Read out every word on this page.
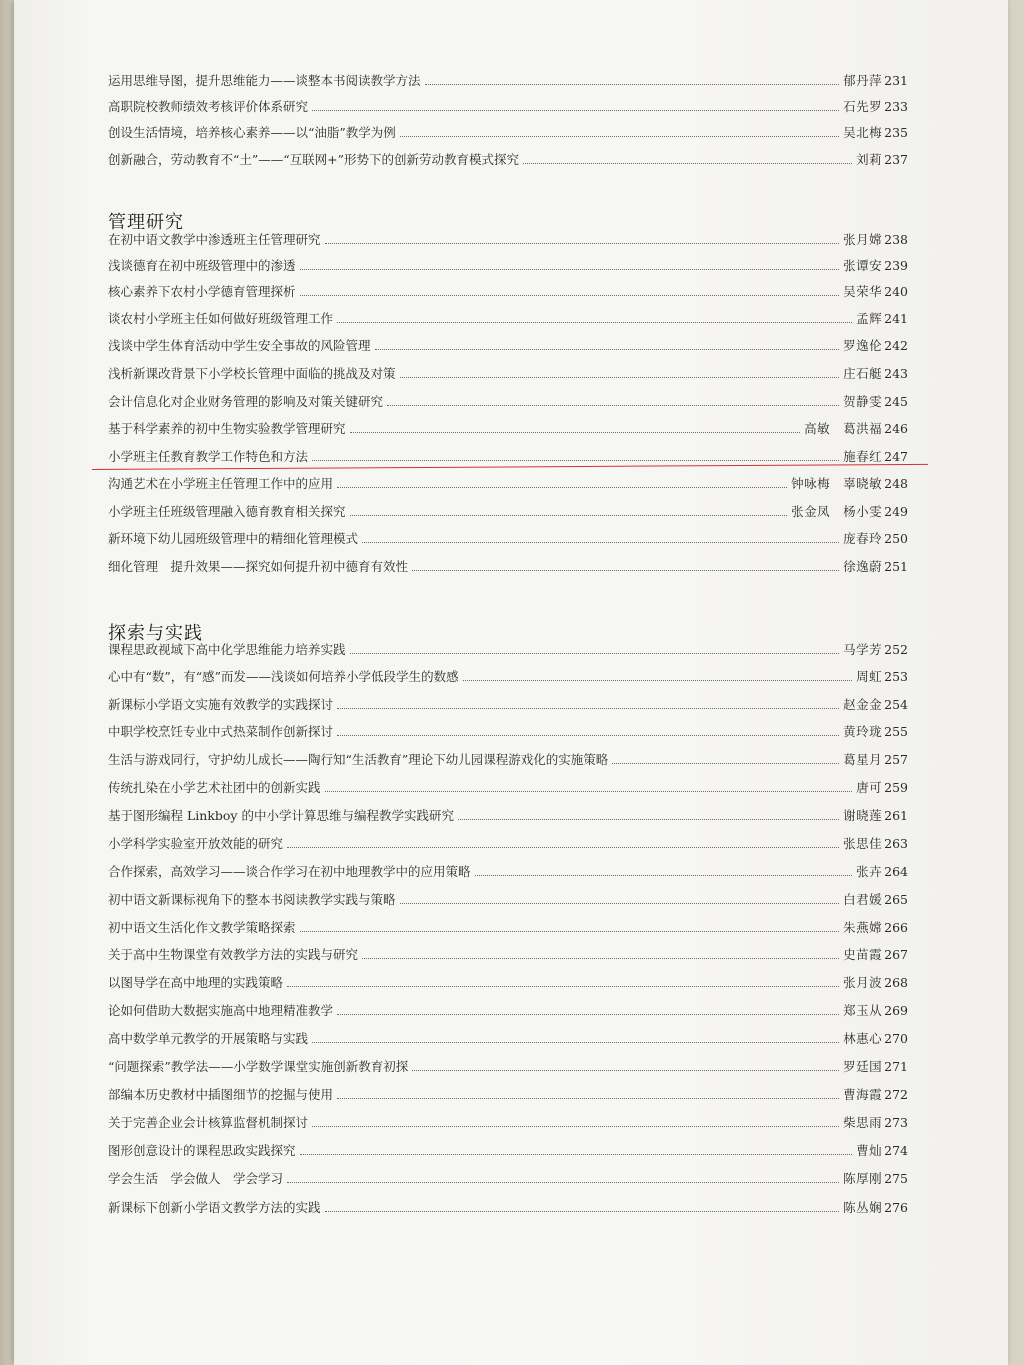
运用思维导图，提升思维能力——谈整本书阅读教学方法	郁丹萍 231
高职院校教师绩效考核评价体系研究	石先罗 233
创设生活情境，培养核心素养——以“油脂”教学为例	吴北梅 235
创新融合，劳动教育不“土”——“互联网+”形势下的创新劳动教育模式探究	刘莉 237
管理研究
在初中语文教学中渗透班主任管理研究	张月嫦 238
浅谈德育在初中班级管理中的渗透	张谭安 239
核心素养下农村小学德育管理探析	吴荣华 240
谈农村小学班主任如何做好班级管理工作	孟辉 241
浅谈中学生体育活动中学生安全事故的风险管理	罗逸伦 242
浅析新课改背景下小学校长管理中面临的挑战及对策	庄石艇 243
会计信息化对企业财务管理的影响及对策关键研究	贺静雯 245
基于科学素养的初中生物实验教学管理研究	高敏　葛洪福 246
小学班主任教育教学工作特色和方法	施春红 247
沟通艺术在小学班主任管理工作中的应用	钟咏梅　辜晓敏 248
小学班主任班级管理融入德育教育相关探究	张金凤　杨小雯 249
新环境下幼儿园班级管理中的精细化管理模式	庞春玲 250
细化管理　提升效果——探究如何提升初中德育有效性	徐逸蔚 251
探索与实践
课程思政视域下高中化学思维能力培养实践	马学芳 252
心中有“数”，有“感”而发——浅谈如何培养小学低段学生的数感	周虹 253
新课标小学语文实施有效教学的实践探讨	赵金金 254
中职学校烹饪专业中式热菜制作创新探讨	黄玲珑 255
生活与游戏同行，守护幼儿成长——陶行知“生活教育”理论下幼儿园课程游戏化的实施策略	葛星月 257
传统扎染在小学艺术社团中的创新实践	唐可 259
基于图形编程 Linkboy 的中小学计算思维与编程教学实践研究	谢晓莲 261
小学科学实验室开放效能的研究	张思佳 263
合作探索，高效学习——谈合作学习在初中地理教学中的应用策略	张卉 264
初中语文新课标视角下的整本书阅读教学实践与策略	白君媛 265
初中语文生活化作文教学策略探索	朱燕嫦 266
关于高中生物课堂有效教学方法的实践与研究	史苗霞 267
以图导学在高中地理的实践策略	张月波 268
论如何借助大数据实施高中地理精准教学	郑玉从 269
高中数学单元教学的开展策略与实践	林惠心 270
“问题探索”教学法——小学数学课堂实施创新教育初探	罗廷国 271
部编本历史教材中插图细节的挖掘与使用	曹海霞 272
关于完善企业会计核算监督机制探讨	柴思雨 273
图形创意设计的课程思政实践探究	曹灿 274
学会生活　学会做人　学会学习	陈厚刚 275
新课标下创新小学语文教学方法的实践	陈丛娴 276
